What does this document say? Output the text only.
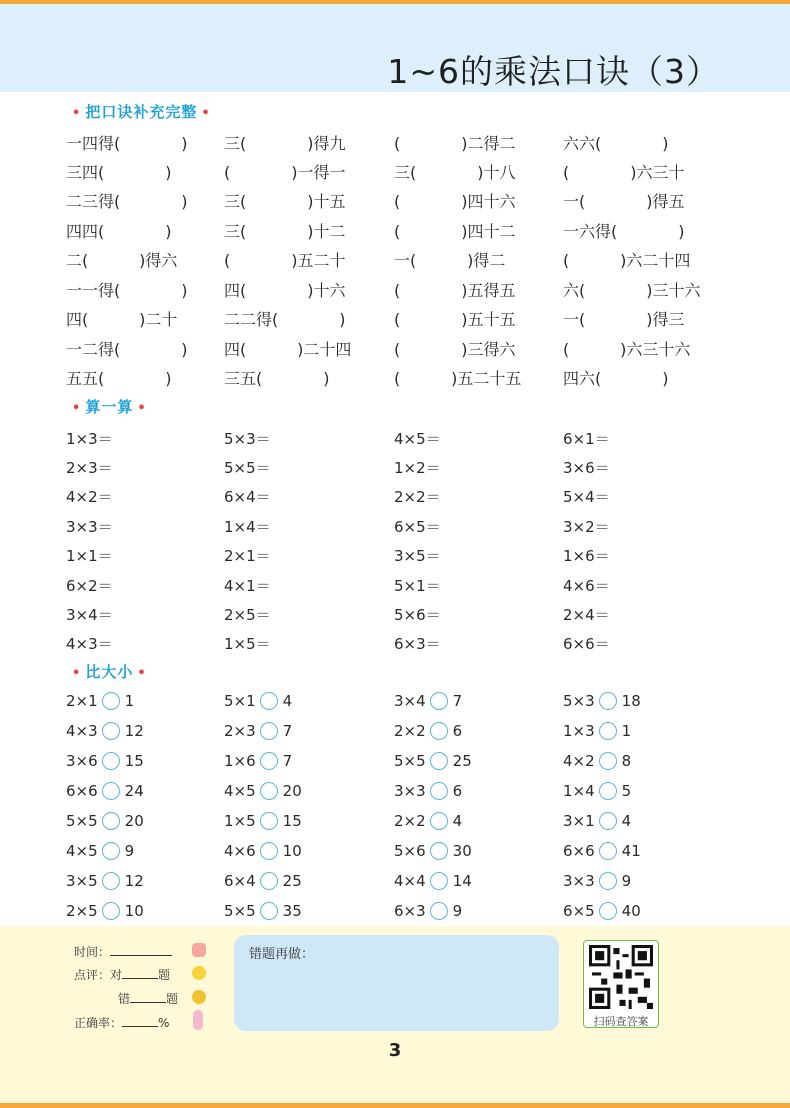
1~6的乘法口诀（3）
• 把口诀补充完整 •
一四得(            ) 三(            )得九	(            )二得二	六六(            )
三四(            )	(            )一得一	三(            )十八	(            )六三十
二三得(            ) 三(            )十五	(            )四十六	一(            )得五
四四(            )	三(            )十二	(            )四十二	一六得(            )
二(          )得六	(            )五二十	一(          )得二	(          )六二十四
一一得(            ) 四(            )十六	(            )五得五	六(            )三十六
四(          )二十	二二得(            )	(            )五十五	一(            )得三
一二得(            ) 四(          )二十四	(            )三得六	(          )六三十六
五五(            )	三五(            )	(          )五二十五	四六(            )
• 算一算 •
1×3＝	5×3＝	4×5＝	6×1＝
2×3＝	5×5＝	1×2＝	3×6＝
4×2＝	6×4＝	2×2＝	5×4＝
3×3＝	1×4＝	6×5＝	3×2＝
1×1＝	2×1＝	3×5＝	1×6＝
6×2＝	4×1＝	5×1＝	4×6＝
3×4＝	2×5＝	5×6＝	2×4＝
4×3＝	1×5＝	6×3＝	6×6＝
• 比大小 •
2×1 1	5×1 4	3×4 7	5×3 18
4×3 12	2×3 7	2×2 6	1×3 1
3×6 15	1×6 7	5×5 25	4×2 8
6×6 24	4×5 20	3×3 6	1×4 5
5×5 20	1×5 15	2×2 4	3×1 4
4×5 9	4×6 10	5×6 30	6×6 41
3×5 12	6×4 25	4×4 14	3×3 9
2×5 10	5×5 35	6×3 9	6×5 40
时间：
点评：对	题
错	题
正确率：	%
错题再做：
扫码查答案
3
